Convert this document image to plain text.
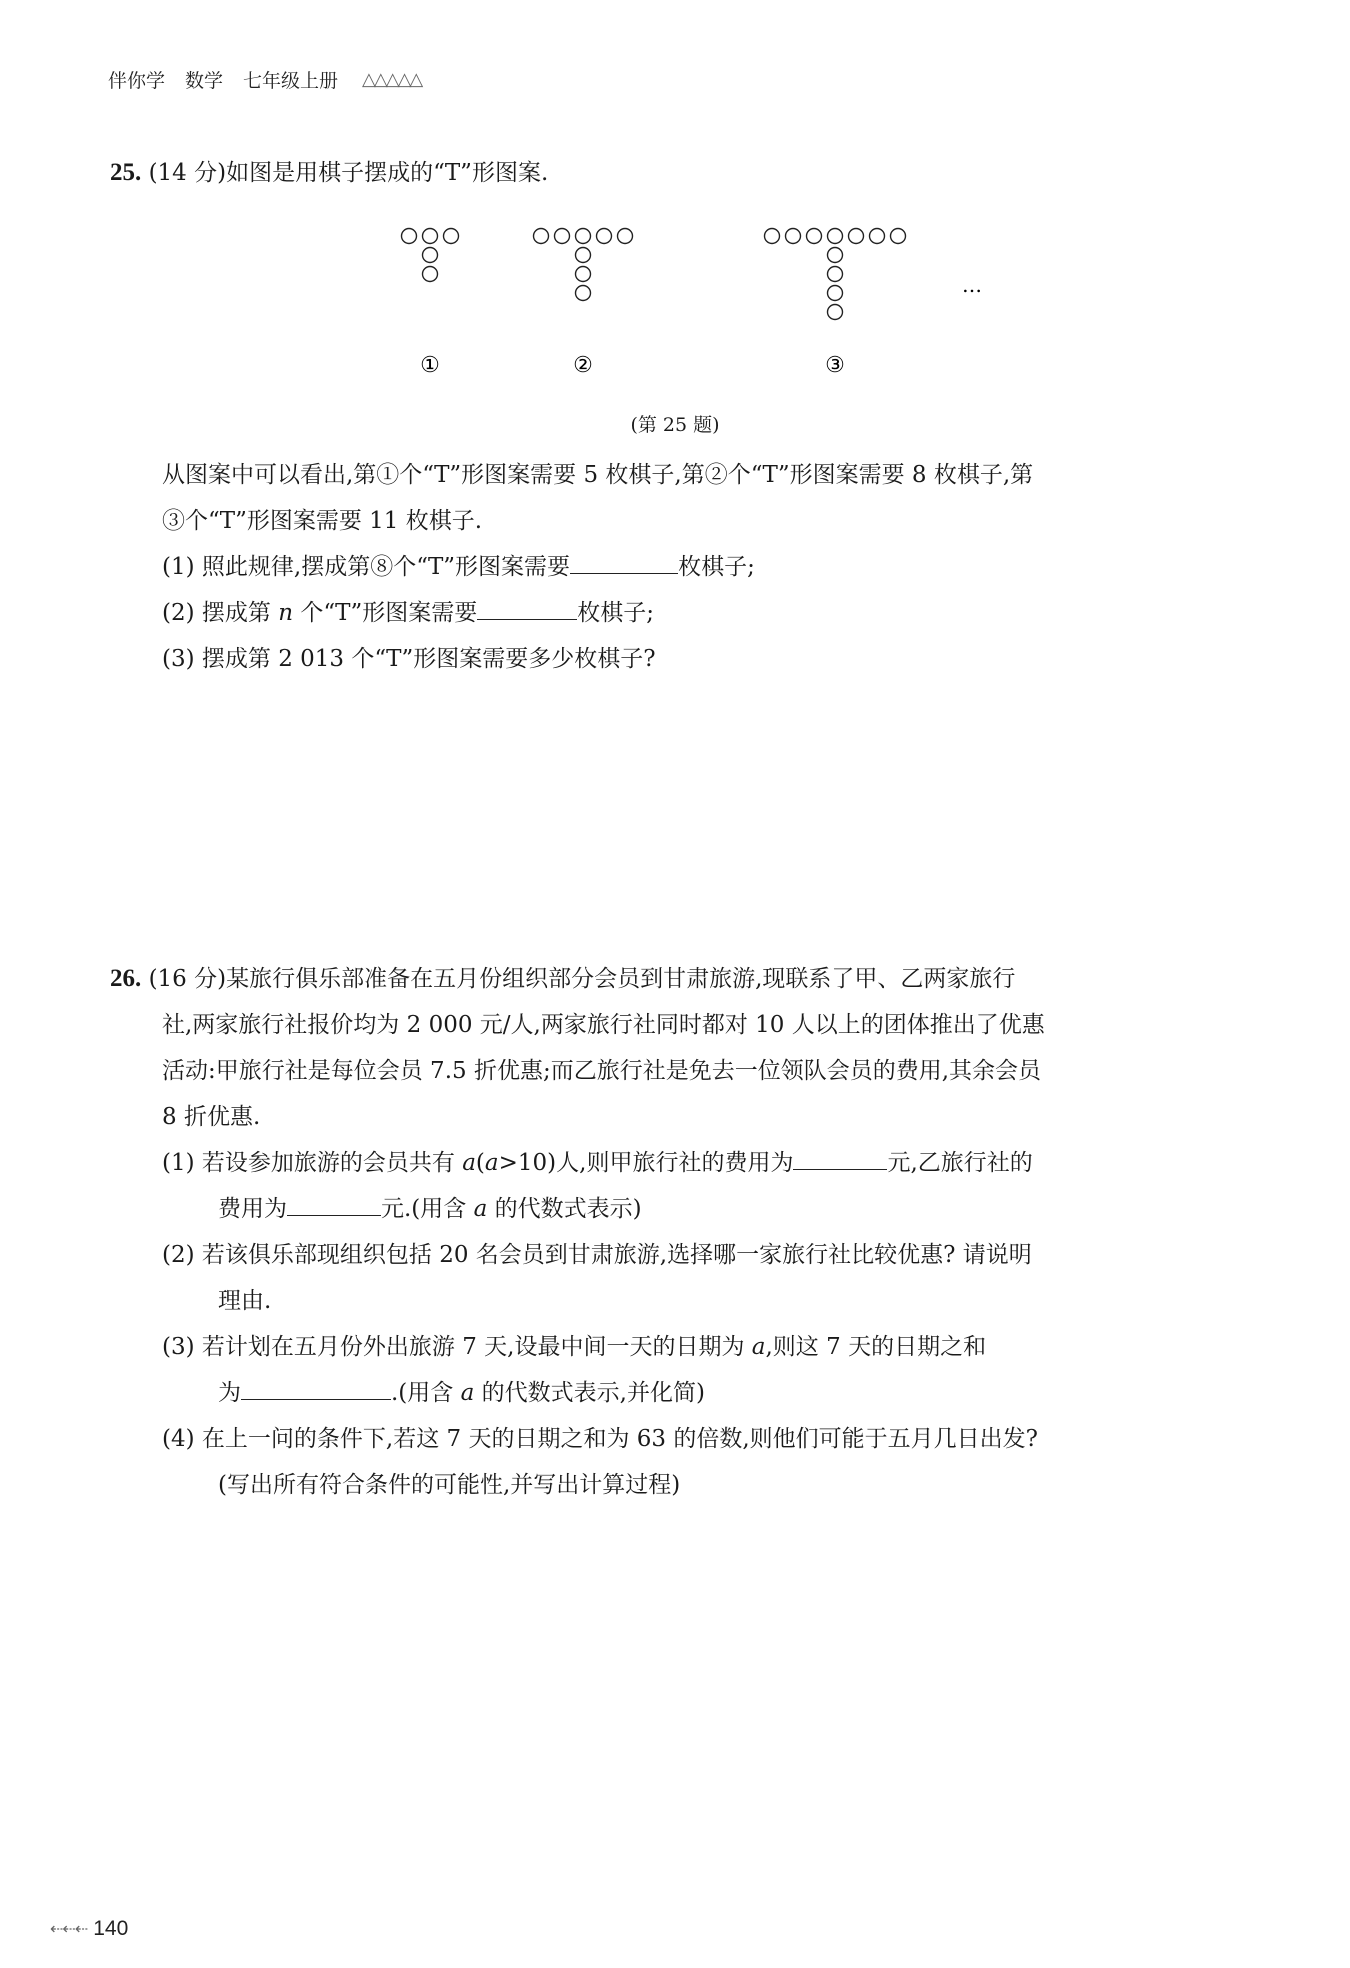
伴你学 数学 七年级上册 △△△△△
25. (14 分)如图是用棋子摆成的“T”形图案.
①	②	③
…
(第 25 题)
从图案中可以看出,第①个“T”形图案需要 5 枚棋子,第②个“T”形图案需要 8 枚棋子,第
③个“T”形图案需要 11 枚棋子.
(1) 照此规律,摆成第⑧个“T”形图案需要	枚棋子;
(2) 摆成第 n 个“T”形图案需要	枚棋子;
(3) 摆成第 2 013 个“T”形图案需要多少枚棋子?
26. (16 分)某旅行俱乐部准备在五月份组织部分会员到甘肃旅游,现联系了甲、乙两家旅行
社,两家旅行社报价均为 2 000 元/人,两家旅行社同时都对 10 人以上的团体推出了优惠
活动:甲旅行社是每位会员 7.5 折优惠;而乙旅行社是免去一位领队会员的费用,其余会员
8 折优惠.
(1) 若设参加旅游的会员共有 a(a>10)人,则甲旅行社的费用为	元,乙旅行社的
费用为	元.(用含 a 的代数式表示)
(2) 若该俱乐部现组织包括 20 名会员到甘肃旅游,选择哪一家旅行社比较优惠? 请说明
理由.
(3) 若计划在五月份外出旅游 7 天,设最中间一天的日期为 a,则这 7 天的日期之和
为	.(用含 a 的代数式表示,并化简)
(4) 在上一问的条件下,若这 7 天的日期之和为 63 的倍数,则他们可能于五月几日出发?
(写出所有符合条件的可能性,并写出计算过程)
⇠⇠⇠ 140
